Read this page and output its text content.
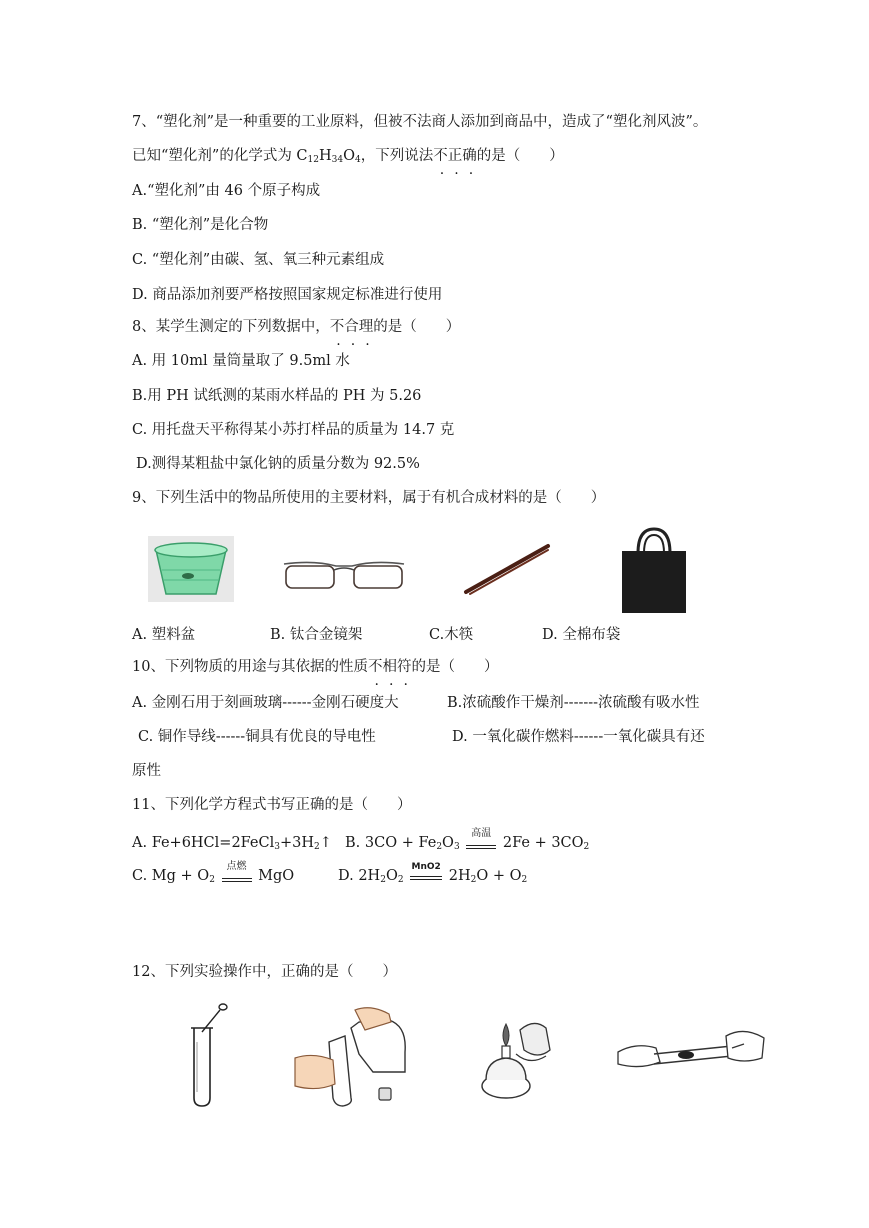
7、“塑化剂”是一种重要的工业原料，但被不法商人添加到商品中，造成了“塑化剂风波”。
已知“塑化剂”的化学式为 $C_{12}H_{34}O_4$，下列说法不正确的是（　　）
A.“塑化剂”由 46 个原子构成
B. “塑化剂”是化合物
C. “塑化剂”由碳、氢、氧三种元素组成
D. 商品添加剂要严格按照国家规定标准进行使用
8、某学生测定的下列数据中，不合理的是（　　）
A. 用 10ml 量筒量取了 9.5ml 水
B.用 PH 试纸测的某雨水样品的 PH 为 5.26
C. 用托盘天平称得某小苏打样品的质量为 14.7 克
D.测得某粗盐中氯化钠的质量分数为 92.5%
9、下列生活中的物品所使用的主要材料，属于有机合成材料的是（　　）
A. 塑料盆	B. 钛合金镜架	C.木筷	D. 全棉布袋
10、下列物质的用途与其依据的性质不相符的是（　　）
A. 金刚石用于刻画玻璃------金刚石硬度大	B.浓硫酸作干燥剂-------浓硫酸有吸水性
C. 铜作导线------铜具有优良的导电性	D. 一氧化碳作燃料------一氧化碳具有还
原性
11、下列化学方程式书写正确的是（　　）
A. $Fe+6HCl=2FeCl_3+3H_2↑$ B. $3CO + Fe_2O_3$
高温
$2Fe + 3CO_2$
C. $Mg + O_2$
点燃
MgO	D. $2H_2O_2$
MnO2
$2H_2O + O_2$
12、下列实验操作中，正确的是（　　）
